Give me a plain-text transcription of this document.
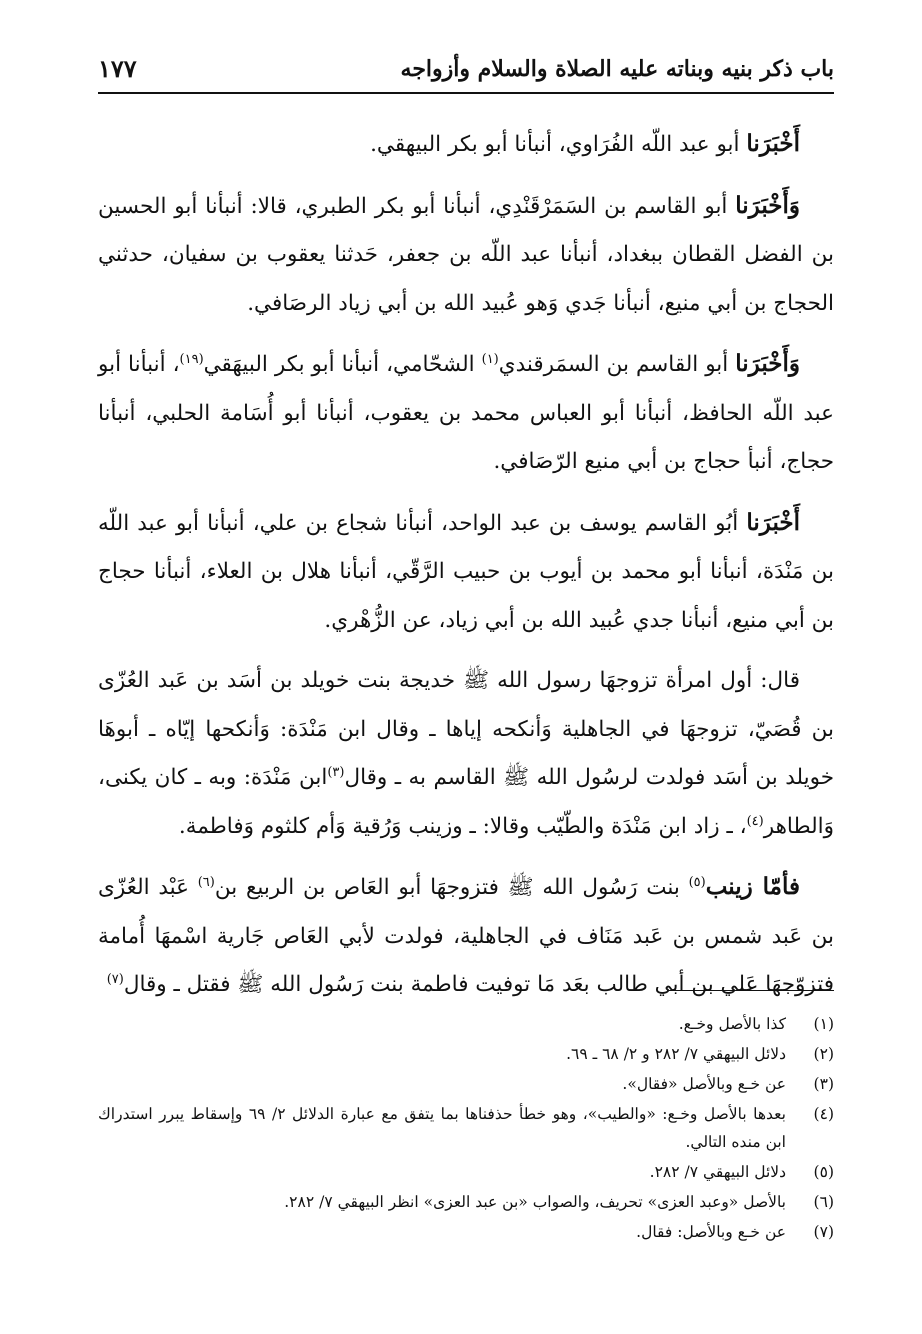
باب ذكر بنيه وبناته عليه الصلاة والسلام وأزواجه
١٧٧

أَخْبَرَنا أبو عبد اللّه الفُرَاوي، أنبأنا أبو بكر البيهقي.

وَأَخْبَرَنا أبو القاسم بن السَمَرْقَنْدِي، أنبأنا أبو بكر الطبري، قالا: أنبأنا أبو الحسين بن الفضل القطان ببغداد، أنبأنا عبد اللّه بن جعفر، حَدثنا يعقوب بن سفيان، حدثني الحجاج بن أبي منيع، أنبأنا جَدي وَهو عُبيد الله بن أبي زياد الرصَافي.

وَأَخْبَرَنا أبو القاسم بن السمَرقندي$^{(١)}$ الشحّامي، أنبأنا أبو بكر البيهَقي$^{(١٩)}$، أنبأنا أبو عبد اللّه الحافظ، أنبأنا أبو العباس محمد بن يعقوب، أنبأنا أبو أُسَامة الحلبي، أنبأنا حجاج، أنبأ حجاج بن أبي منيع الرّصَافي.

أَخْبَرَنا أبُو القاسم يوسف بن عبد الواحد، أنبأنا شجاع بن علي، أنبأنا أبو عبد اللّه بن مَنْدَة، أنبأنا أبو محمد بن أيوب بن حبيب الرَّقّي، أنبأنا هلال بن العلاء، أنبأنا حجاج بن أبي منيع، أنبأنا جدي عُبيد الله بن أبي زياد، عن الزُّهْري.

قال: أول امرأة تزوجهَا رسول الله ﷺ خديجة بنت خويلد بن أسَد بن عَبد العُزّى بن قُصَيّ، تزوجهَا في الجاهلية وَأنكحه إياها ـ وقال ابن مَنْدَة: وَأنكحها إيّاه ـ أبوهَا خويلد بن أسَد فولدت لرسُول الله ﷺ القاسم به ـ وقال$^{(٣)}$ابن مَنْدَة: وبه ـ كان يكنى، وَالطاهر$^{(٤)}$، ـ زاد ابن مَنْدَة والطّيّب وقالا: ـ وزينب وَرُقية وَأم كلثوم وَفاطمة.

فأمّا زينب$^{(٥)}$ بنت رَسُول الله ﷺ فتزوجهَا أبو العَاص بن الربيع بن$^{(٦)}$ عَبْد العُزّى بن عَبد شمس بن عَبد مَنَاف في الجاهلية، فولدت لأبي العَاص جَارية اسْمهَا أُمامة فتزوّجهَا عَلي بن أبي طالب بعَد مَا توفيت فاطمة بنت رَسُول الله ﷺ فقتل ـ وقال$^{(٧)}$

(١)
كذا بالأصل وخـع.
(٢)
دلائل البيهقي ٧/ ٢٨٢ و ٢/ ٦٨ ـ ٦٩.
(٣)
عن خـع وبالأصل «فقال».
(٤)
بعدها بالأصل وخـع: «والطيب»، وهو خطأ حذفناها بما يتفق مع عبارة الدلائل ٢/ ٦٩ وإسقاط يبرر استدراك ابن منده التالي.
(٥)
دلائل البيهقي ٧/ ٢٨٢.
(٦)
بالأصل «وعبد العزى» تحريف، والصواب «بن عبد العزى» انظر البيهقي ٧/ ٢٨٢.
(٧)
عن خـع وبالأصل: فقال.
